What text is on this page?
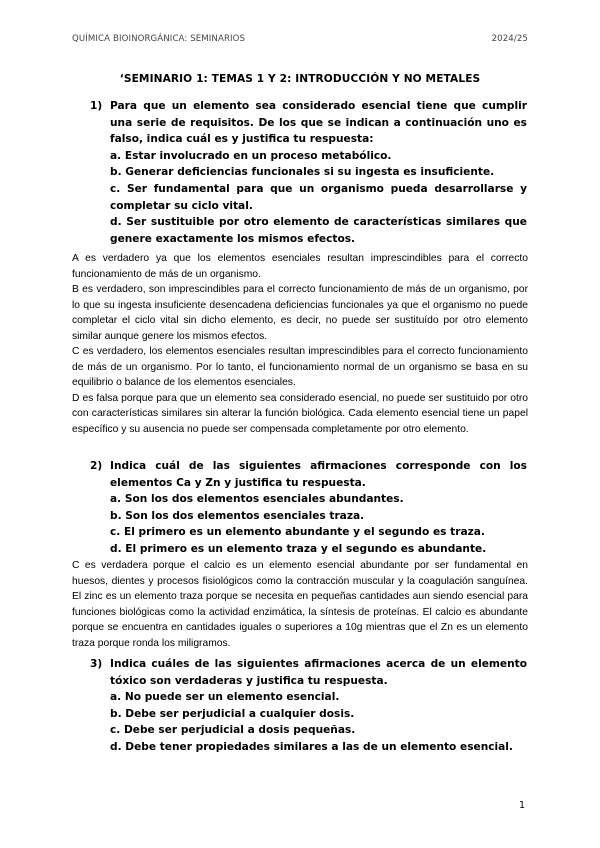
QUÍMICA BIOINORGÁNICA: SEMINARIOS	2024/25
‘SEMINARIO 1: TEMAS 1 Y 2: INTRODUCCIÓN Y NO METALES
1) Para que un elemento sea considerado esencial tiene que cumplir una serie de requisitos. De los que se indican a continuación uno es falso, indica cuál es y justifica tu respuesta:
a. Estar involucrado en un proceso metabólico.
b. Generar deficiencias funcionales si su ingesta es insuficiente.
c. Ser fundamental para que un organismo pueda desarrollarse y completar su ciclo vital.
d. Ser sustituible por otro elemento de características similares que genere exactamente los mismos efectos.

A es verdadero ya que los elementos esenciales resultan imprescindibles para el correcto funcionamiento de más de un organismo.

B es verdadero, son imprescindibles para el correcto funcionamiento de más de un organismo, por lo que su ingesta insuficiente desencadena deficiencias funcionales ya que el organismo no puede completar el ciclo vital sin dicho elemento, es decir, no puede ser sustituído por otro elemento similar aunque genere los mismos efectos.

C es verdadero, los elementos esenciales resultan imprescindibles para el correcto funcionamiento de más de un organismo. Por lo tanto, el funcionamiento normal de un organismo se basa en su equilibrio o balance de los elementos esenciales.

D es falsa porque para que un elemento sea considerado esencial, no puede ser sustituido por otro con características similares sin alterar la función biológica. Cada elemento esencial tiene un papel específico y su ausencia no puede ser compensada completamente por otro elemento.

2) Indica cuál de las siguientes afirmaciones corresponde con los elementos Ca y Zn y justifica tu respuesta.
a. Son los dos elementos esenciales abundantes.
b. Son los dos elementos esenciales traza.
c. El primero es un elemento abundante y el segundo es traza.
d. El primero es un elemento traza y el segundo es abundante.

C es verdadera porque el calcio es un elemento esencial abundante por ser fundamental en huesos, dientes y procesos fisiológicos como la contracción muscular y la coagulación sanguínea. El zinc es un elemento traza porque se necesita en pequeñas cantidades aun siendo esencial para funciones biológicas como la actividad enzimática, la síntesis de proteínas. El calcio es abundante porque se encuentra en cantidades iguales o superiores a 10g mientras que el Zn es un elemento traza porque ronda los miligramos.

3) Indica cuáles de las siguientes afirmaciones acerca de un elemento tóxico son verdaderas y justifica tu respuesta.
a. No puede ser un elemento esencial.
b. Debe ser perjudicial a cualquier dosis.
c. Debe ser perjudicial a dosis pequeñas.
d. Debe tener propiedades similares a las de un elemento esencial.
1
